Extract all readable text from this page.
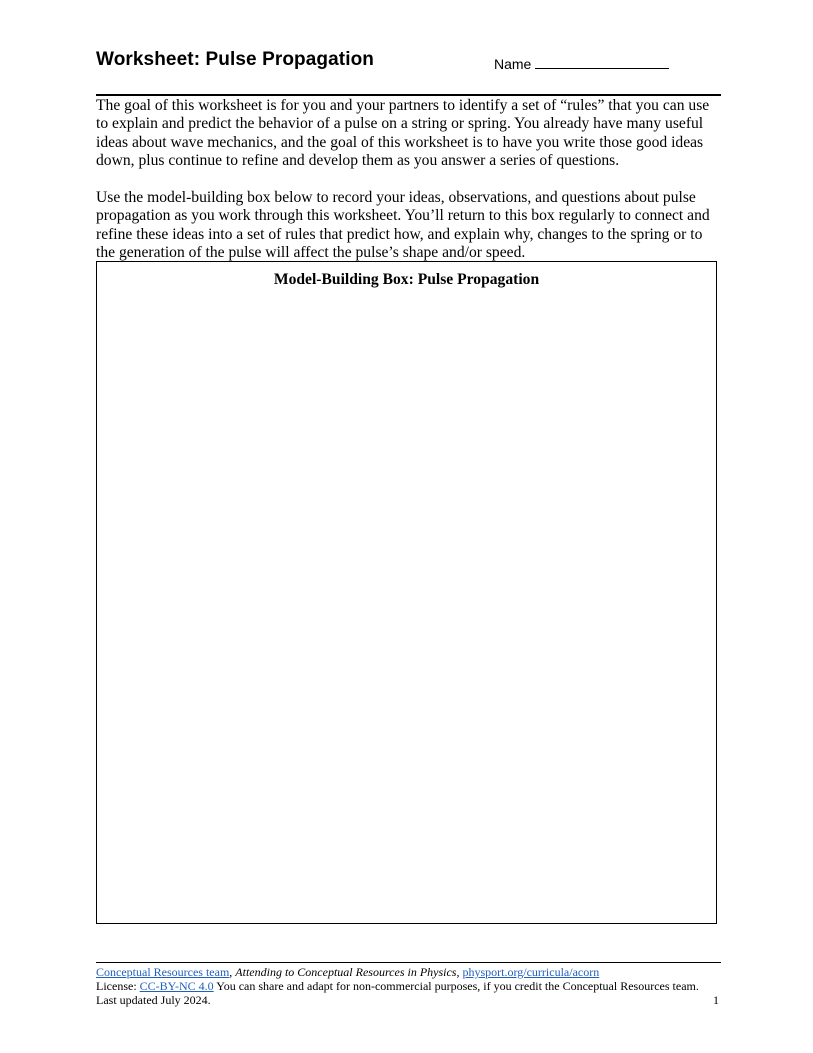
Worksheet: Pulse Propagation	Name

The goal of this worksheet is for you and your partners to identify a set of “rules” that you can use to explain and predict the behavior of a pulse on a string or spring. You already have many useful ideas about wave mechanics, and the goal of this worksheet is to have you write those good ideas down, plus continue to refine and develop them as you answer a series of questions.

Use the model-building box below to record your ideas, observations, and questions about pulse propagation as you work through this worksheet. You’ll return to this box regularly to connect and refine these ideas into a set of rules that predict how, and explain why, changes to the spring or to the generation of the pulse will affect the pulse’s shape and/or speed.

Model-Building Box: Pulse Propagation
Conceptual Resources team, Attending to Conceptual Resources in Physics, physport.org/curricula/acorn
License: CC-BY-NC 4.0 You can share and adapt for non-commercial purposes, if you credit the Conceptual Resources team.
Last updated July 2024.	1
